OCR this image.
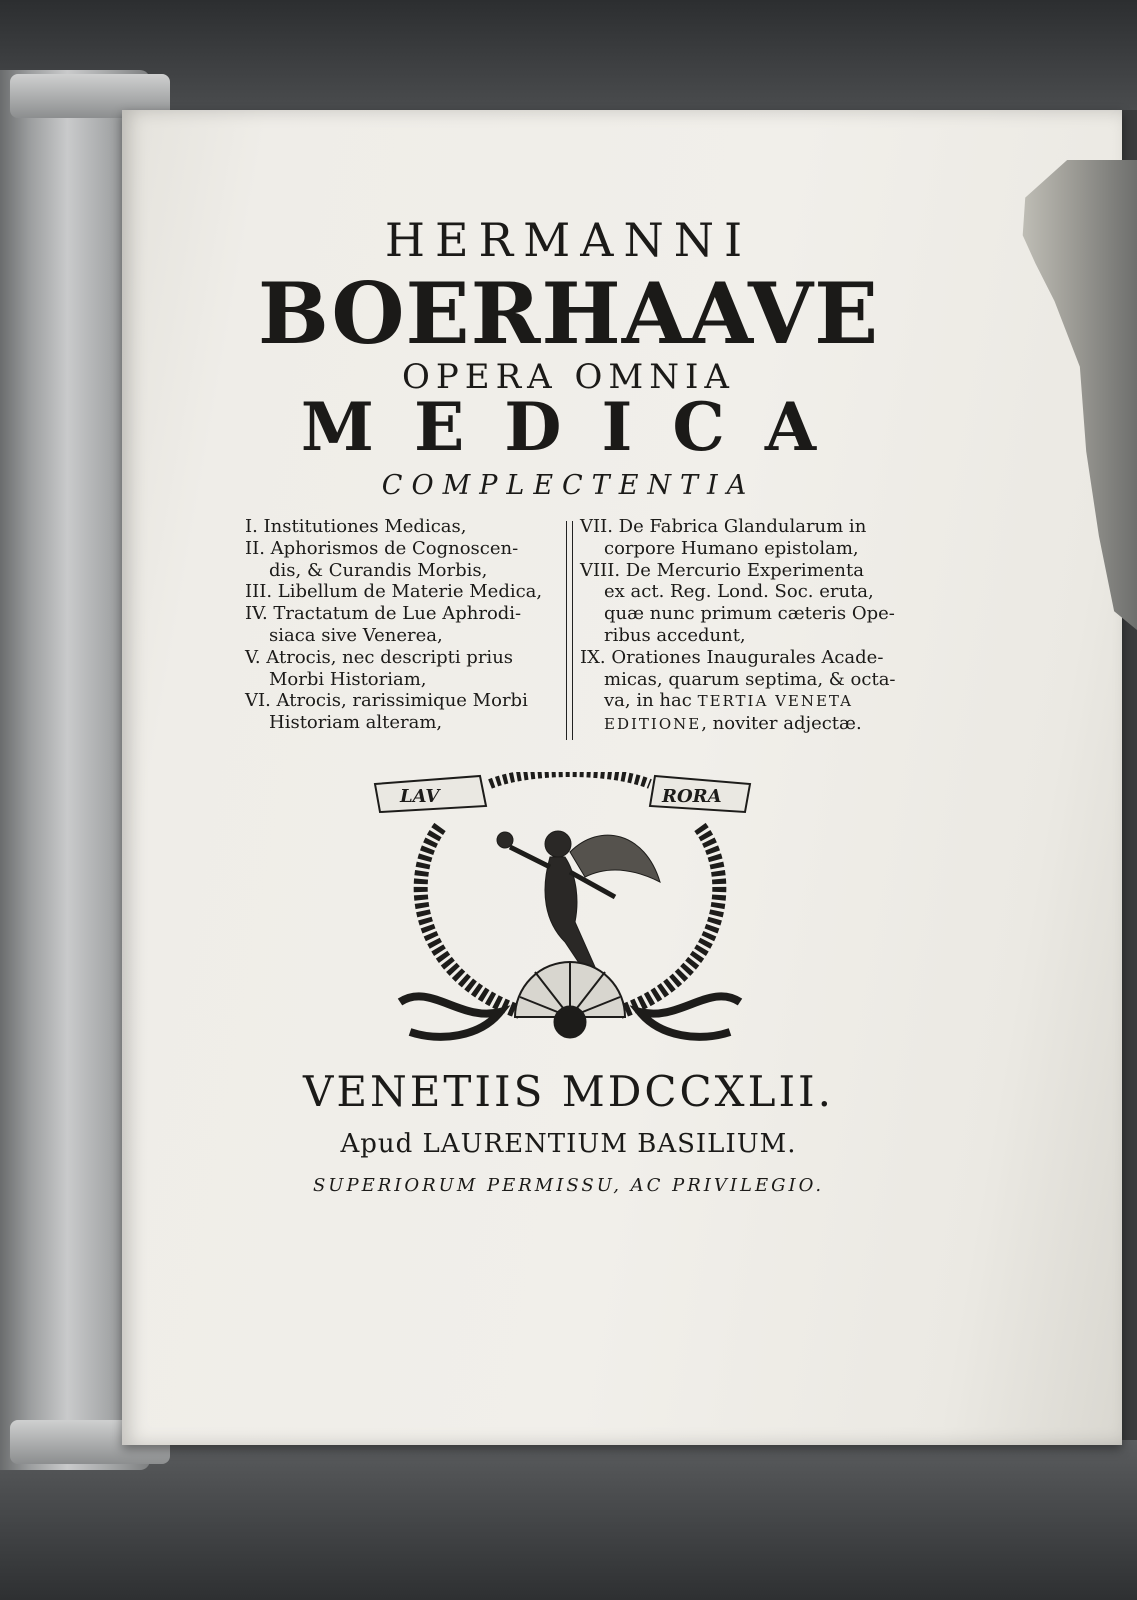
HERMANNI

BOERHAAVE

OPERA OMNIA

MEDICA

COMPLECTENTIA

I. Institutiones Medicas,
II. Aphorismos de Cognoscen-
dis, & Curandis Morbis,
III. Libellum de Materie Medica,
IV. Tractatum de Lue Aphrodi-
siaca sive Venerea,
V. Atrocis, nec descripti prius
Morbi Historiam,
VI. Atrocis, rarissimique Morbi
Historiam alteram,
VII. De Fabrica Glandularum in
corpore Humano epistolam,
VIII. De Mercurio Experimenta
ex act. Reg. Lond. Soc. eruta,
quæ nunc primum cæteris Ope-
ribus accedunt,
IX. Orationes Inaugurales Acade-
micas, quarum septima, & octa-
va, in hac TERTIA VENETA
EDITIONE, noviter adjectæ.
LAV	RORA

VENETIIS MDCCXLII.

Apud LAURENTIUM BASILIUM.

SUPERIORUM PERMISSU, AC PRIVILEGIO.
